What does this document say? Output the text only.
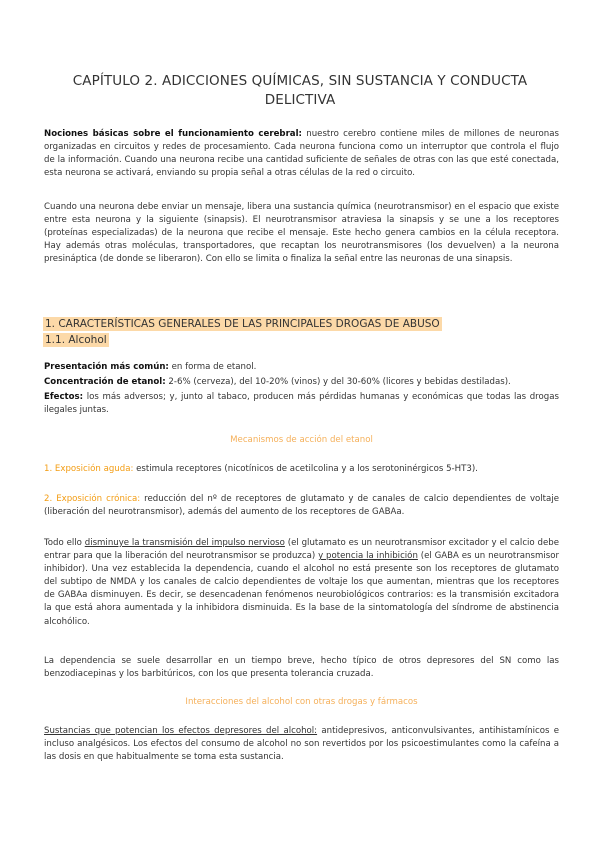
CAPÍTULO 2. ADICCIONES QUÍMICAS, SIN SUSTANCIA Y CONDUCTA DELICTIVA
Nociones básicas sobre el funcionamiento cerebral: nuestro cerebro contiene miles de millones de neuronas organizadas en circuitos y redes de procesamiento. Cada neurona funciona como un interruptor que controla el flujo de la información. Cuando una neurona recibe una cantidad suficiente de señales de otras con las que esté conectada, esta neurona se activará, enviando su propia señal a otras células de la red o circuito.
Cuando una neurona debe enviar un mensaje, libera una sustancia química (neurotransmisor) en el espacio que existe entre esta neurona y la siguiente (sinapsis). El neurotransmisor atraviesa la sinapsis y se une a los receptores (proteínas especializadas) de la neurona que recibe el mensaje. Este hecho genera cambios en la célula receptora. Hay además otras moléculas, transportadores, que recaptan los neurotransmisores (los devuelven) a la neurona presináptica (de donde se liberaron). Con ello se limita o finaliza la señal entre las neuronas de una sinapsis.
1. CARACTERÍSTICAS GENERALES DE LAS PRINCIPALES DROGAS DE ABUSO
1.1. Alcohol
Presentación más común: en forma de etanol.
Concentración de etanol: 2-6% (cerveza), del 10-20% (vinos) y del 30-60% (licores y bebidas destiladas).
Efectos: los más adversos; y, junto al tabaco, producen más pérdidas humanas y económicas que todas las drogas ilegales juntas.
Mecanismos de acción del etanol
1. Exposición aguda: estimula receptores (nicotínicos de acetilcolina y a los serotoninérgicos 5-HT3).
2. Exposición crónica: reducción del nº de receptores de glutamato y de canales de calcio dependientes de voltaje (liberación del neurotransmisor), además del aumento de los receptores de GABAa.
Todo ello disminuye la transmisión del impulso nervioso (el glutamato es un neurotransmisor excitador y el calcio debe entrar para que la liberación del neurotransmisor se produzca) y potencia la inhibición (el GABA es un neurotransmisor inhibidor). Una vez establecida la dependencia, cuando el alcohol no está presente son los receptores de glutamato del subtipo de NMDA y los canales de calcio dependientes de voltaje los que aumentan, mientras que los receptores de GABAa disminuyen. Es decir, se desencadenan fenómenos neurobiológicos contrarios: es la transmisión excitadora la que está ahora aumentada y la inhibidora disminuida. Es la base de la sintomatología del síndrome de abstinencia alcohólico.
La dependencia se suele desarrollar en un tiempo breve, hecho típico de otros depresores del SN como las benzodiacepinas y los barbitúricos, con los que presenta tolerancia cruzada.
Interacciones del alcohol con otras drogas y fármacos
Sustancias que potencian los efectos depresores del alcohol: antidepresivos, anticonvulsivantes, antihistamínicos e incluso analgésicos. Los efectos del consumo de alcohol no son revertidos por los psicoestimulantes como la cafeína a las dosis en que habitualmente se toma esta sustancia.
